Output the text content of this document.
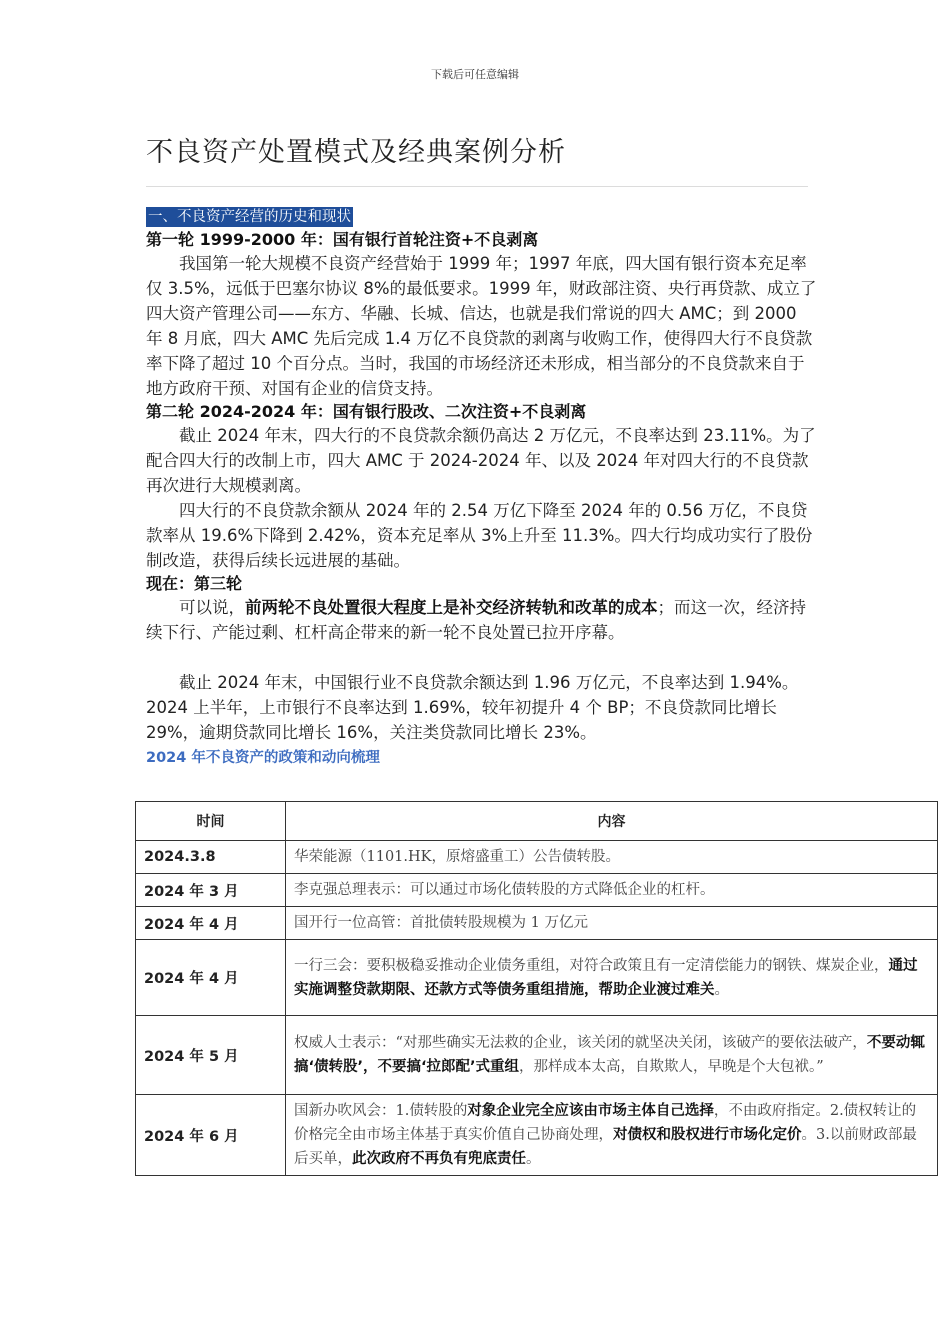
下载后可任意编辑
不良资产处置模式及经典案例分析
一、不良资产经营的历史和现状
第一轮 1999-2000 年：国有银行首轮注资+不良剥离

我国第一轮大规模不良资产经营始于 1999 年；1997 年底，四大国有银行资本充足率仅 3.5%，远低于巴塞尔协议 8%的最低要求。1999 年，财政部注资、央行再贷款、成立了四大资产管理公司——东方、华融、长城、信达，也就是我们常说的四大 AMC；到 2000 年 8 月底，四大 AMC 先后完成 1.4 万亿不良贷款的剥离与收购工作，使得四大行不良贷款率下降了超过 10 个百分点。当时，我国的市场经济还未形成，相当部分的不良贷款来自于地方政府干预、对国有企业的信贷支持。

第二轮 2024-2024 年：国有银行股改、二次注资+不良剥离

截止 2024 年末，四大行的不良贷款余额仍高达 2 万亿元，不良率达到 23.11%。为了配合四大行的改制上市，四大 AMC 于 2024-2024 年、以及 2024 年对四大行的不良贷款再次进行大规模剥离。

四大行的不良贷款余额从 2024 年的 2.54 万亿下降至 2024 年的 0.56 万亿，不良贷款率从 19.6%下降到 2.42%，资本充足率从 3%上升至 11.3%。四大行均成功实行了股份制改造，获得后续长远进展的基础。

现在：第三轮

可以说，前两轮不良处置很大程度上是补交经济转轨和改革的成本；而这一次，经济持续下行、产能过剩、杠杆高企带来的新一轮不良处置已拉开序幕。

截止 2024 年末，中国银行业不良贷款余额达到 1.96 万亿元，不良率达到 1.94%。2024 上半年，上市银行不良率达到 1.69%，较年初提升 4 个 BP；不良贷款同比增长 29%，逾期贷款同比增长 16%，关注类贷款同比增长 23%。

2024 年不良资产的政策和动向梳理
时间	内容
2024.3.8	华荣能源（1101.HK，原熔盛重工）公告债转股。
2024 年 3 月	李克强总理表示：可以通过市场化债转股的方式降低企业的杠杆。
2024 年 4 月	国开行一位高管：首批债转股规模为 1 万亿元
2024 年 4 月	一行三会：要积极稳妥推动企业债务重组，对符合政策且有一定清偿能力的钢铁、煤炭企业，通过实施调整贷款期限、还款方式等债务重组措施，帮助企业渡过难关。
2024 年 5 月	权威人士表示：“对那些确实无法救的企业，该关闭的就坚决关闭，该破产的要依法破产，不要动辄搞‘债转股’，不要搞‘拉郎配’式重组，那样成本太高，自欺欺人，早晚是个大包袱。”
2024 年 6 月	国新办吹风会：1.债转股的对象企业完全应该由市场主体自己选择，不由政府指定。2.债权转让的价格完全由市场主体基于真实价值自己协商处理，对债权和股权进行市场化定价。3.以前财政部最后买单，此次政府不再负有兜底责任。
